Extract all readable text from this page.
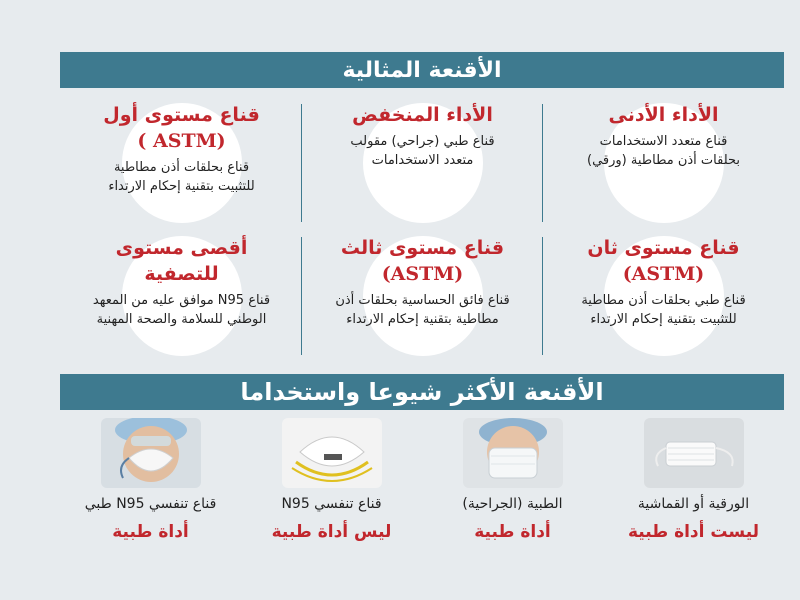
الأقنعة المثالية
الأداء الأدنى
قناع متعدد الاستخدامات
بحلقات أذن مطاطية (ورقي)
الأداء المنخفض
قناع طبي (جراحي) مقولب
متعدد الاستخدامات
قناع مستوى أول
( ASTM)
قناع بحلقات أذن مطاطية
للتثبيت بتقنية إحكام الارتداء
قناع مستوى ثان
(ASTM)
قناع طبي بحلقات أذن مطاطية
للتثبيت بتقنية إحكام الارتداء
قناع مستوى ثالث
(ASTM)
قناع فائق الحساسية بحلقات أذن
مطاطية بتقنية إحكام الارتداء
أقصى مستوى
للتصفية
قناع N95 موافق عليه من المعهد
الوطني للسلامة والصحة المهنية
الأقنعة الأكثر شيوعا واستخداما
الورقية أو القماشية
ليست أداة طبية
الطبية (الجراحية)
أداة طبية
قناع تنفسي N95
ليس أداة طبية
قناع تنفسي N95 طبي
أداة طبية
